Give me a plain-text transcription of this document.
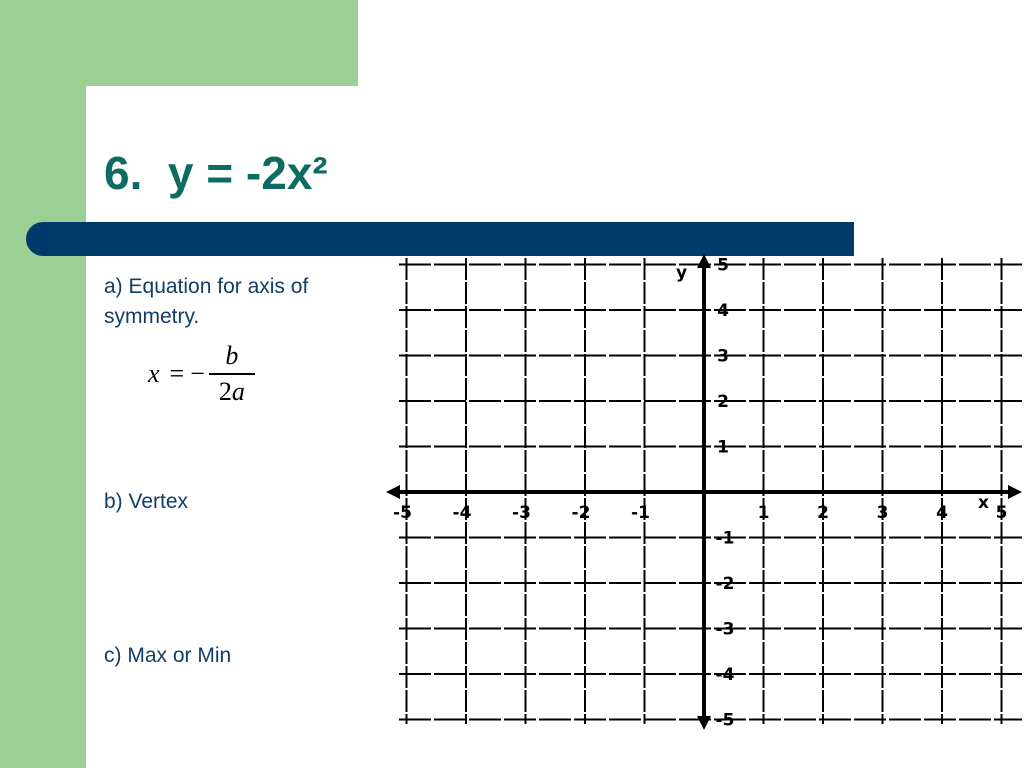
6.  y = -2x²

a) Equation for axis of symmetry.

x = − $\frac{b}{2a}$

b) Vertex

c) Max or Min

x
y
-5 -4 -3 -2 -1	1	2	3	4	5
5
4
3
2
1
-1
-2
-3
-4
-5
